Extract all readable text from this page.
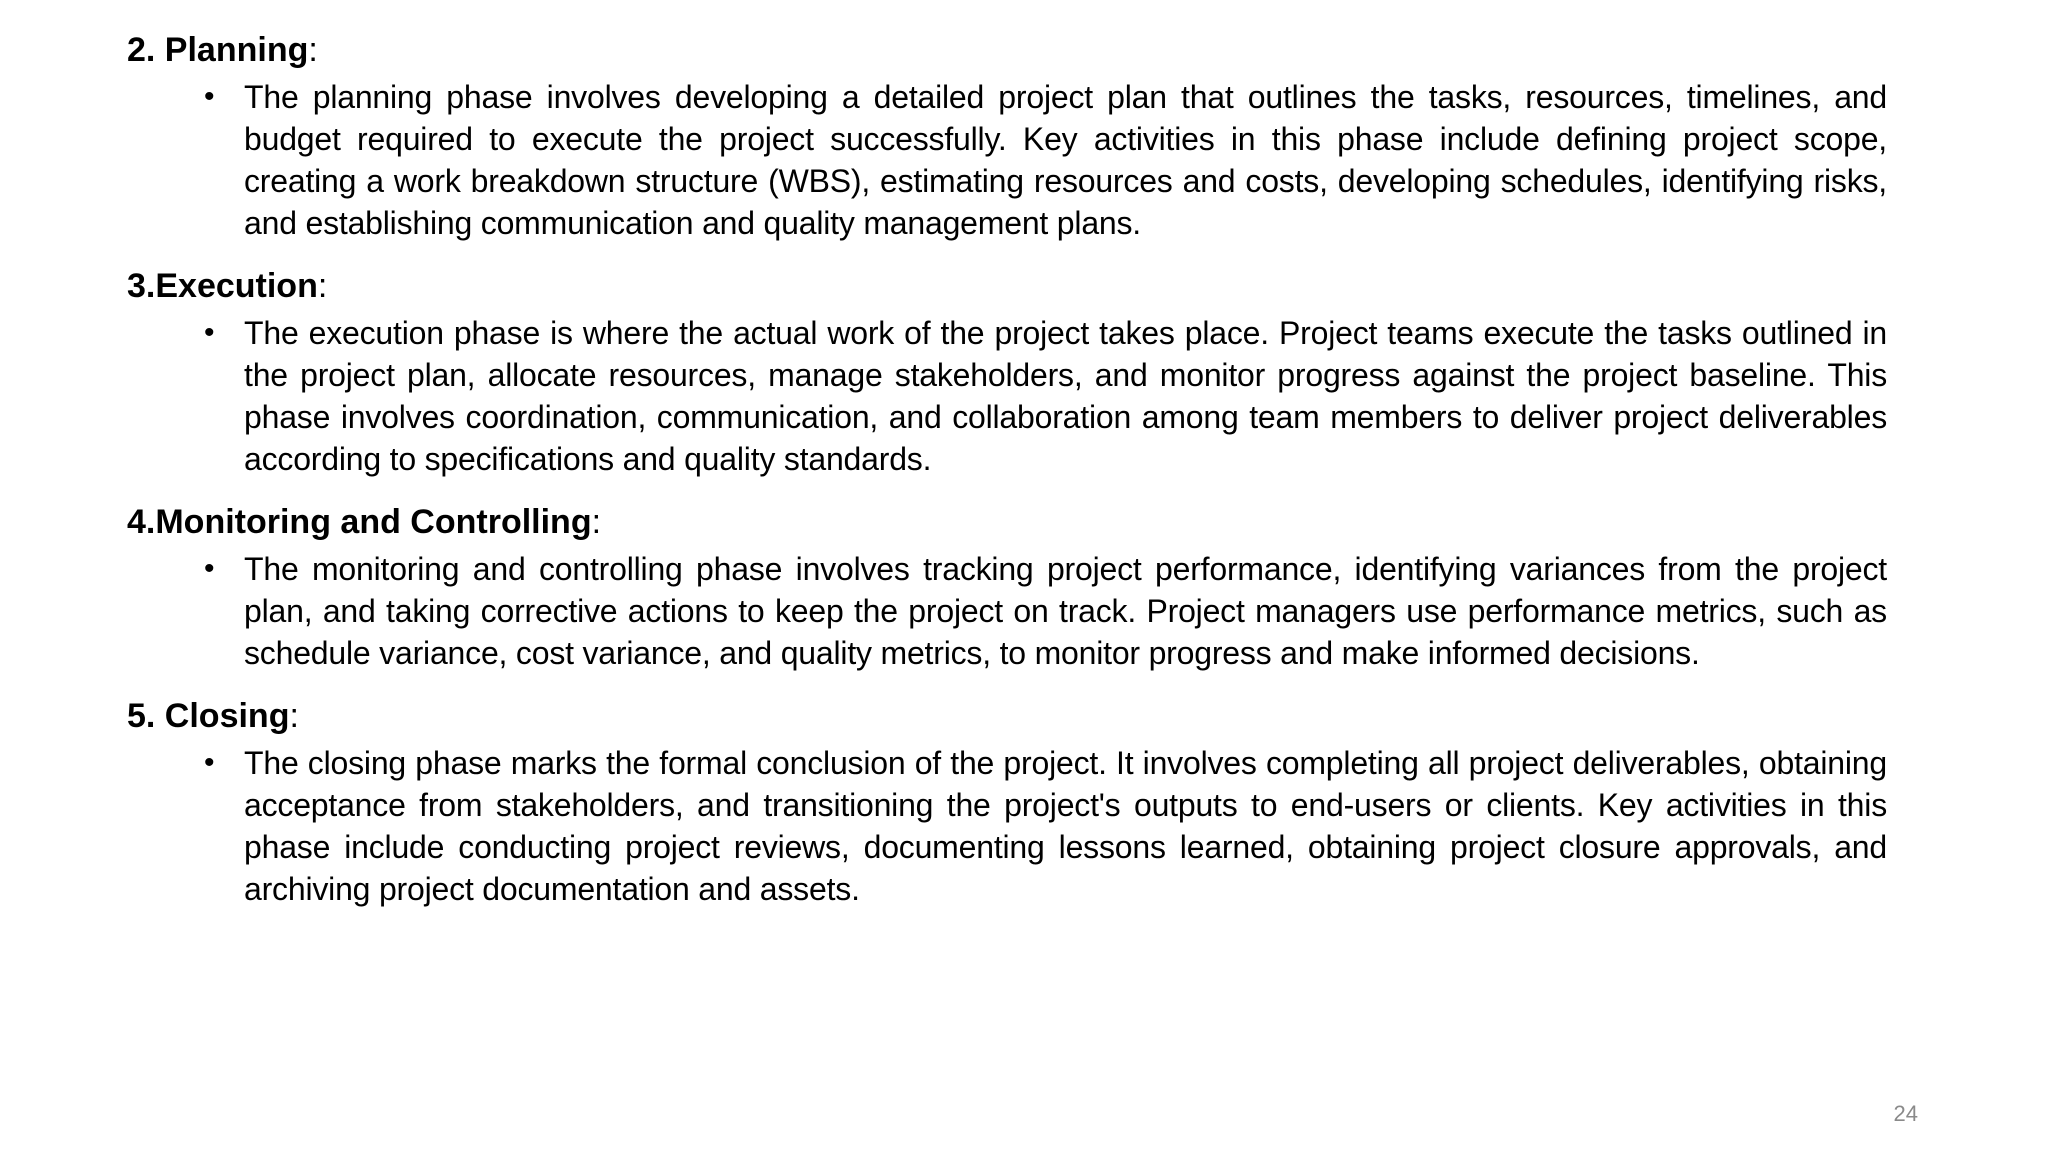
2. Planning:
• The planning phase involves developing a detailed project plan that outlines the tasks, resources, timelines, and budget required to execute the project successfully. Key activities in this phase include defining project scope, creating a work breakdown structure (WBS), estimating resources and costs, developing schedules, identifying risks, and establishing communication and quality management plans.
3.Execution:
• The execution phase is where the actual work of the project takes place. Project teams execute the tasks outlined in the project plan, allocate resources, manage stakeholders, and monitor progress against the project baseline. This phase involves coordination, communication, and collaboration among team members to deliver project deliverables according to specifications and quality standards.
4.Monitoring and Controlling:
• The monitoring and controlling phase involves tracking project performance, identifying variances from the project plan, and taking corrective actions to keep the project on track. Project managers use performance metrics, such as schedule variance, cost variance, and quality metrics, to monitor progress and make informed decisions.
5. Closing:
• The closing phase marks the formal conclusion of the project. It involves completing all project deliverables, obtaining acceptance from stakeholders, and transitioning the project's outputs to end-users or clients. Key activities in this phase include conducting project reviews, documenting lessons learned, obtaining project closure approvals, and archiving project documentation and assets.
24
